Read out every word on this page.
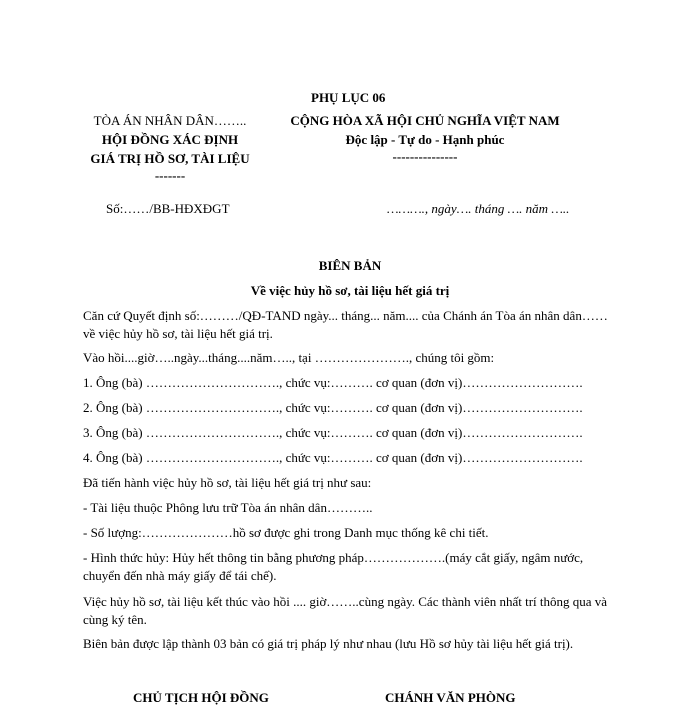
PHỤ LỤC 06
TÒA ÁN NHÂN DÂN……..
HỘI ĐỒNG XÁC ĐỊNH
GIÁ TRỊ HỒ SƠ, TÀI LIỆU
-------
CỘNG HÒA XÃ HỘI CHỦ NGHĨA VIỆT NAM
Độc lập - Tự do - Hạnh phúc
---------------
Số:……/BB-HĐXĐGT	………., ngày…. tháng …. năm …..
BIÊN BẢN
Về việc hủy hồ sơ, tài liệu hết giá trị
Căn cứ Quyết định số:………/QĐ-TAND ngày... tháng... năm.... của Chánh án Tòa án nhân dân…… về việc hủy hồ sơ, tài liệu hết giá trị.
Vào hồi....giờ…..ngày...tháng....năm….., tại …………………., chúng tôi gồm:
1. Ông (bà) …………………………., chức vụ:………. cơ quan (đơn vị)……………………….
2. Ông (bà) …………………………., chức vụ:………. cơ quan (đơn vị)……………………….
3. Ông (bà) …………………………., chức vụ:………. cơ quan (đơn vị)……………………….
4. Ông (bà) …………………………., chức vụ:………. cơ quan (đơn vị)……………………….
Đã tiến hành việc hủy hồ sơ, tài liệu hết giá trị như sau:
- Tài liệu thuộc Phông lưu trữ Tòa án nhân dân………..
- Số lượng:…………………hồ sơ được ghi trong Danh mục thống kê chi tiết.
- Hình thức hủy: Hủy hết thông tin bằng phương pháp……………….(máy cắt giấy, ngâm nước, chuyển đến nhà máy giấy để tái chế).
Việc hủy hồ sơ, tài liệu kết thúc vào hồi .... giờ……..cùng ngày. Các thành viên nhất trí thông qua và cùng ký tên.
Biên bản được lập thành 03 bản có giá trị pháp lý như nhau (lưu Hồ sơ hủy tài liệu hết giá trị).
CHỦ TỊCH HỘI ĐỒNG	CHÁNH VĂN PHÒNG
